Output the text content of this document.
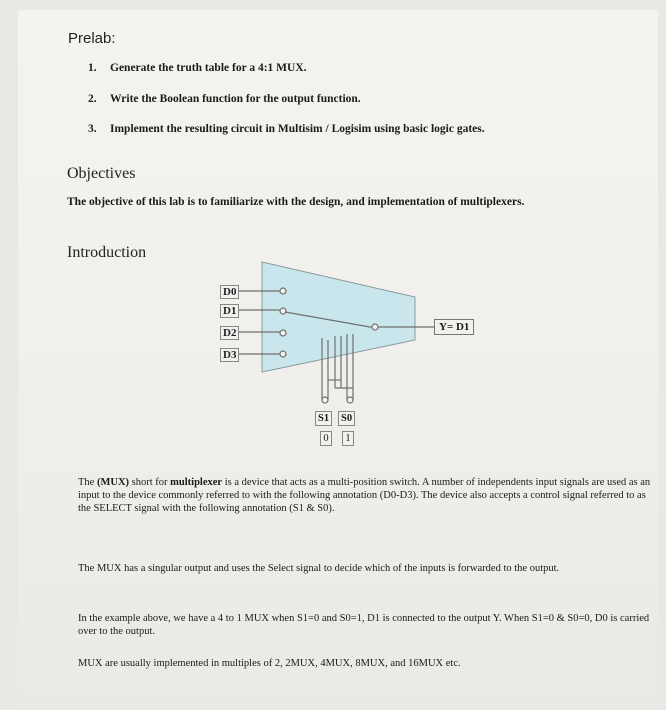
Prelab:
1. Generate the truth table for a 4:1 MUX.
2. Write the Boolean function for the output function.
3. Implement the resulting circuit in Multisim / Logisim using basic logic gates.
Objectives
The objective of this lab is to familiarize with the design, and implementation of multiplexers.
Introduction
D0
D1
D2
D3
Y= D1
S1 S0
0	1

The (MUX) short for multiplexer is a device that acts as a multi-position switch. A number of independents input signals are used as an input to the device commonly referred to with the following annotation (D0-D3). The device also accepts a control signal referred to as the SELECT signal with the following annotation (S1 & S0).

The MUX has a singular output and uses the Select signal to decide which of the inputs is forwarded to the output.

In the example above, we have a 4 to 1 MUX when S1=0 and S0=1, D1 is connected to the output Y. When S1=0 & S0=0, D0 is carried over to the output.

MUX are usually implemented in multiples of 2, 2MUX, 4MUX, 8MUX, and 16MUX etc.
